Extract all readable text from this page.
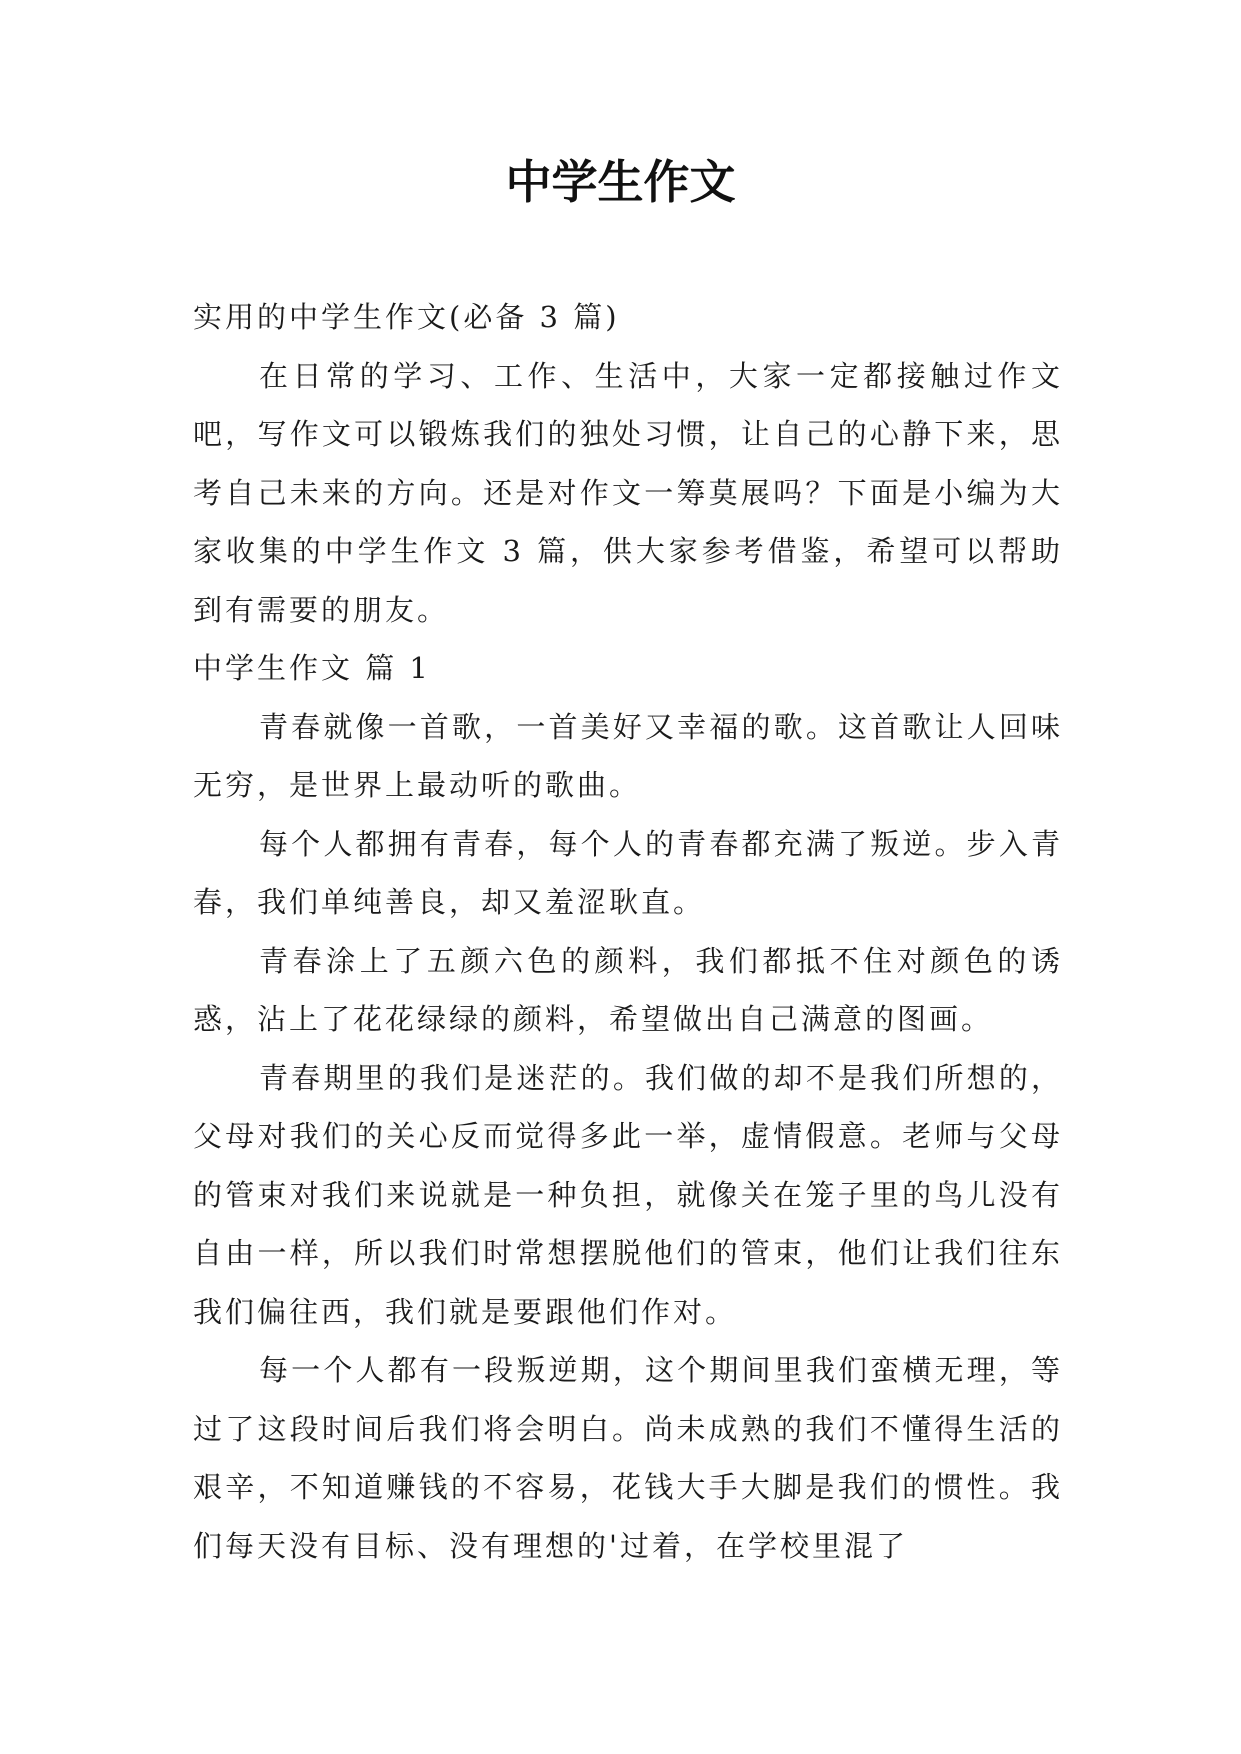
中学生作文

实用的中学生作文(必备 3 篇)

在日常的学习、工作、生活中，大家一定都接触过作文吧，写作文可以锻炼我们的独处习惯，让自己的心静下来，思考自己未来的方向。还是对作文一筹莫展吗？下面是小编为大家收集的中学生作文 3 篇，供大家参考借鉴，希望可以帮助到有需要的朋友。

中学生作文 篇 1

青春就像一首歌，一首美好又幸福的歌。这首歌让人回味无穷，是世界上最动听的歌曲。

每个人都拥有青春，每个人的青春都充满了叛逆。步入青春，我们单纯善良，却又羞涩耿直。

青春涂上了五颜六色的颜料，我们都抵不住对颜色的诱惑，沾上了花花绿绿的颜料，希望做出自己满意的图画。

青春期里的我们是迷茫的。我们做的却不是我们所想的，父母对我们的关心反而觉得多此一举，虚情假意。老师与父母的管束对我们来说就是一种负担，就像关在笼子里的鸟儿没有自由一样，所以我们时常想摆脱他们的管束，他们让我们往东我们偏往西，我们就是要跟他们作对。

每一个人都有一段叛逆期，这个期间里我们蛮横无理，等过了这段时间后我们将会明白。尚未成熟的我们不懂得生活的艰辛，不知道赚钱的不容易，花钱大手大脚是我们的惯性。我们每天没有目标、没有理想的'过着，在学校里混了
